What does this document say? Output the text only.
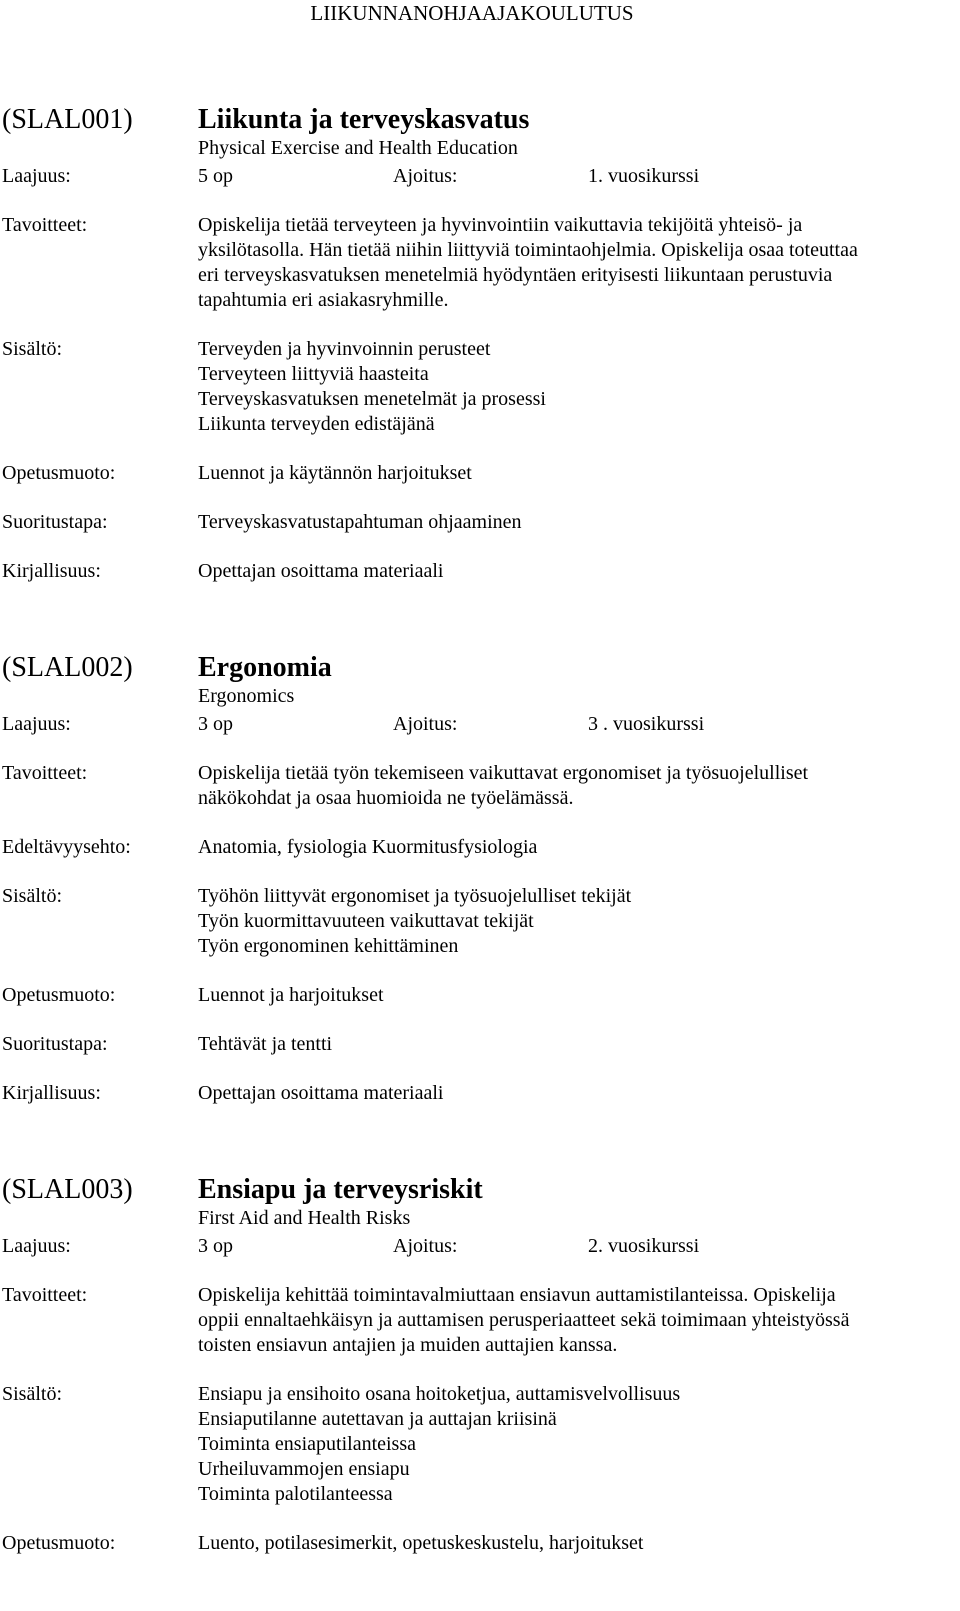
LIIKUNNANOHJAAJAKOULUTUS
(SLAL001) Liikunta ja terveyskasvatus
Physical Exercise and Health Education
Laajuus:	5 op	Ajoitus:	1. vuosikurssi
Tavoitteet:	Opiskelija tietää terveyteen ja hyvinvointiin vaikuttavia tekijöitä yhteisö- ja
yksilötasolla. Hän tietää niihin liittyviä toimintaohjelmia. Opiskelija osaa toteuttaa
eri terveyskasvatuksen menetelmiä hyödyntäen erityisesti liikuntaan perustuvia
tapahtumia eri asiakasryhmille.
Sisältö:	Terveyden ja hyvinvoinnin perusteet
Terveyteen liittyviä haasteita
Terveyskasvatuksen menetelmät ja prosessi
Liikunta terveyden edistäjänä
Opetusmuoto:	Luennot ja käytännön harjoitukset
Suoritustapa:	Terveyskasvatustapahtuman ohjaaminen
Kirjallisuus:	Opettajan osoittama materiaali
(SLAL002) Ergonomia
Ergonomics
Laajuus:	3 op	Ajoitus:	3 . vuosikurssi
Tavoitteet:	Opiskelija tietää työn tekemiseen vaikuttavat ergonomiset ja työsuojelulliset
näkökohdat ja osaa huomioida ne työelämässä.
Edeltävyysehto:	Anatomia, fysiologia Kuormitusfysiologia
Sisältö:	Työhön liittyvät ergonomiset ja työsuojelulliset tekijät
Työn kuormittavuuteen vaikuttavat tekijät
Työn ergonominen kehittäminen
Opetusmuoto:	Luennot ja harjoitukset
Suoritustapa:	Tehtävät ja tentti
Kirjallisuus:	Opettajan osoittama materiaali
(SLAL003) Ensiapu ja terveysriskit
First Aid and Health Risks
Laajuus:	3 op	Ajoitus:	2. vuosikurssi
Tavoitteet:	Opiskelija kehittää toimintavalmiuttaan ensiavun auttamistilanteissa. Opiskelija
oppii ennaltaehkäisyn ja auttamisen perusperiaatteet sekä toimimaan yhteistyössä
toisten ensiavun antajien ja muiden auttajien kanssa.
Sisältö:	Ensiapu ja ensihoito osana hoitoketjua, auttamisvelvollisuus
Ensiaputilanne autettavan ja auttajan kriisinä
Toiminta ensiaputilanteissa
Urheiluvammojen ensiapu
Toiminta palotilanteessa
Opetusmuoto:	Luento, potilasesimerkit, opetuskeskustelu, harjoitukset
